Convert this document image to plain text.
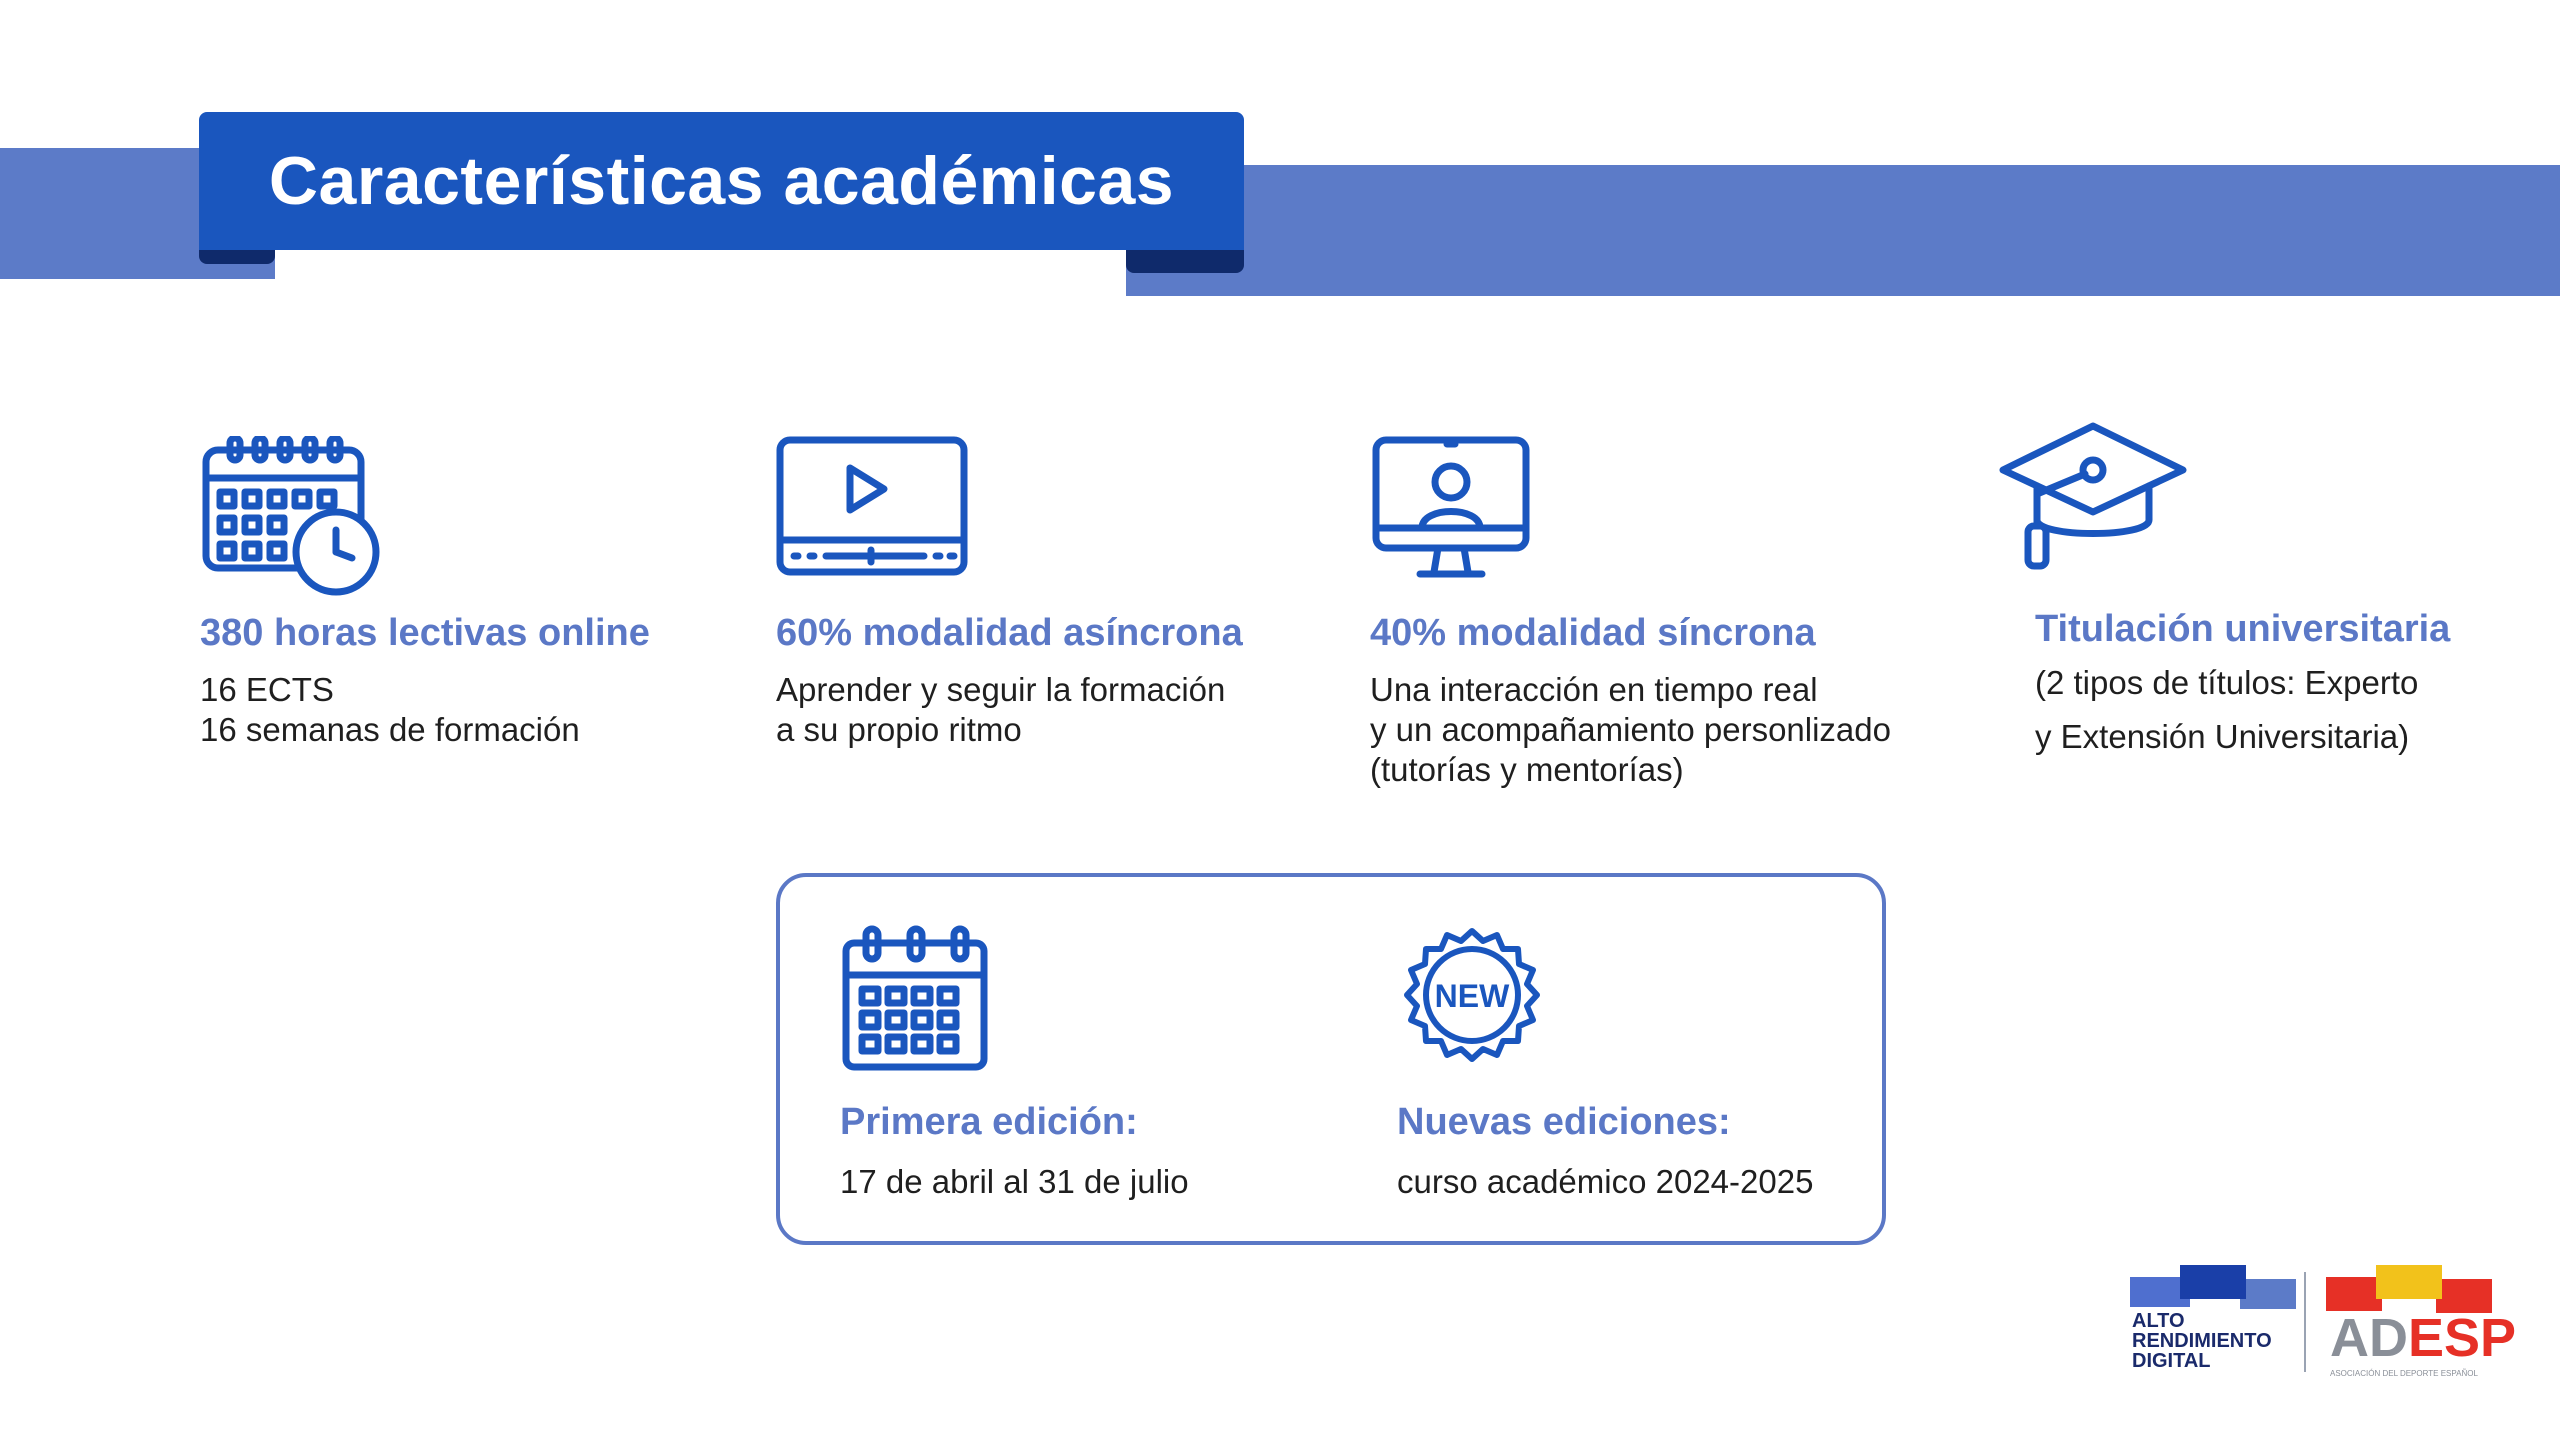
Características académicas
380 horas lectivas online

16 ECTS
16 semanas de formación

60% modalidad asíncrona

Aprender y seguir la formación
a su propio ritmo

40% modalidad síncrona

Una interacción en tiempo real
y un acompañamiento personlizado
(tutorías y mentorías)

Titulación universitaria

(2 tipos de títulos: Experto
y Extensión Universitaria)

Primera edición:

17 de abril al 31 de julio

NEW
Nuevas ediciones:

curso académico 2024-2025

ALTO
RENDIMIENTO
DIGITAL	ADESP
ASOCIACIÓN DEL DEPORTE ESPAÑOL
